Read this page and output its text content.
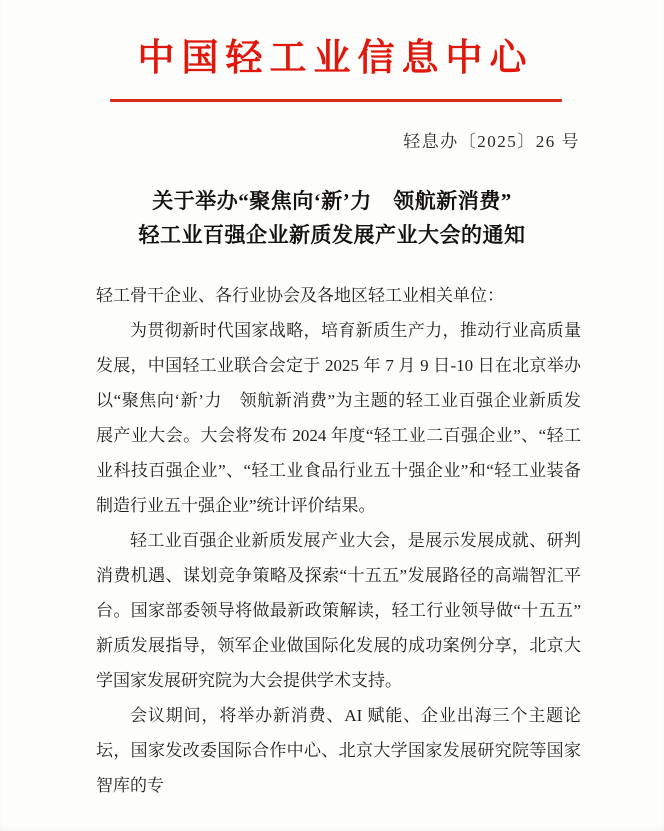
中国轻工业信息中心
轻息办〔2025〕26 号
关于举办“聚焦向‘新’力　领航新消费”
轻工业百强企业新质发展产业大会的通知

轻工骨干企业、各行业协会及各地区轻工业相关单位：

为贯彻新时代国家战略，培育新质生产力，推动行业高质量发展，中国轻工业联合会定于 2025 年 7 月 9 日-10 日在北京举办以“聚焦向‘新’力　领航新消费”为主题的轻工业百强企业新质发展产业大会。大会将发布 2024 年度“轻工业二百强企业”、“轻工业科技百强企业”、“轻工业食品行业五十强企业”和“轻工业装备制造行业五十强企业”统计评价结果。

轻工业百强企业新质发展产业大会，是展示发展成就、研判消费机遇、谋划竞争策略及探索“十五五”发展路径的高端智汇平台。国家部委领导将做最新政策解读，轻工行业领导做“十五五”新质发展指导，领军企业做国际化发展的成功案例分享，北京大学国家发展研究院为大会提供学术支持。

会议期间，将举办新消费、AI 赋能、企业出海三个主题论坛，国家发改委国际合作中心、北京大学国家发展研究院等国家智库的专
